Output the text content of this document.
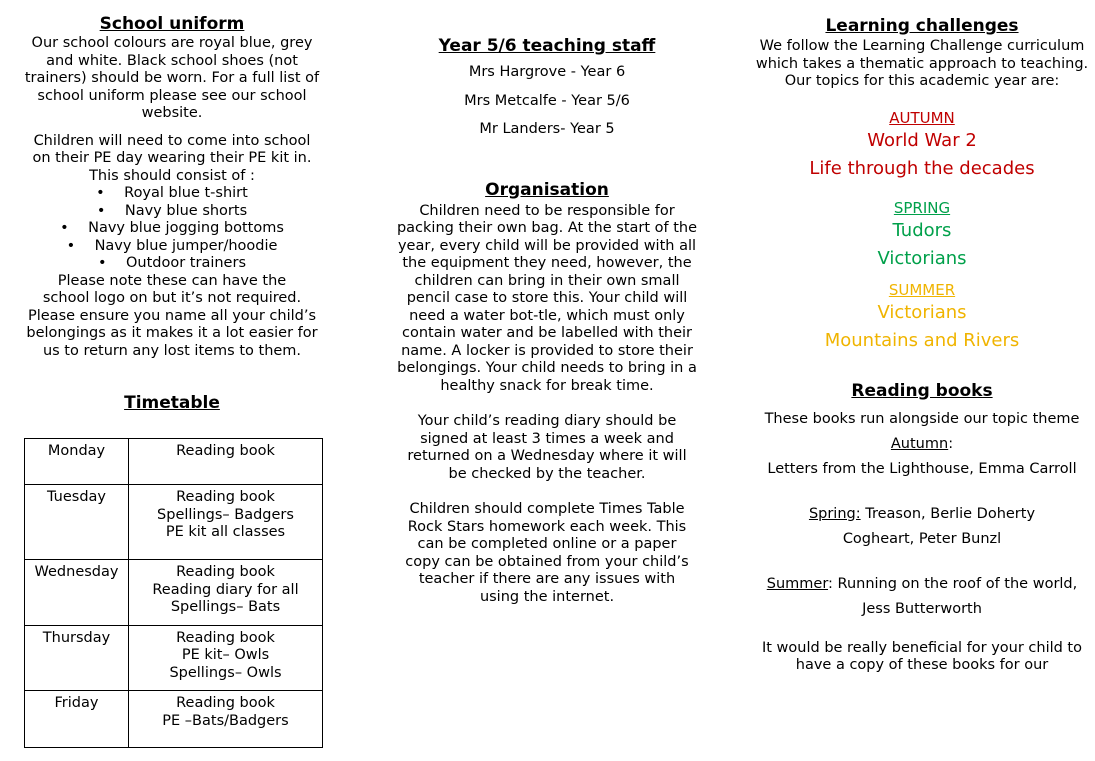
School uniform

Our school colours are royal blue, grey and white. Black school shoes (not trainers) should be worn. For a full list of school uniform please see our school website.

Children will need to come into school on their PE day wearing their PE kit in. This should consist of :

• Royal blue t-shirt
• Navy blue shorts
• Navy blue jogging bottoms
• Navy blue jumper/hoodie
• Outdoor trainers

Please note these can have the school logo on but it’s not required.

Please ensure you name all your child’s belongings as it makes it a lot easier for us to return any lost items to them.

Timetable
Monday	Reading book

Tuesday	Reading book
Spellings– Badgers
PE kit all classes

Wednesday	Reading book
Reading diary for all
Spellings– Bats

Thursday	Reading book
PE kit– Owls
Spellings– Owls

Friday	Reading book
PE –Bats/Badgers
Year 5/6 teaching staff

Mrs Hargrove - Year 6

Mrs Metcalfe - Year 5/6

Mr Landers- Year 5

Organisation

Children need to be responsible for packing their own bag. At the start of the year, every child will be provided with all the equipment they need, however, the children can bring in their own small pencil case to store this. Your child will need a water bot-tle, which must only contain water and be labelled with their name. A locker is provided to store their belongings. Your child needs to bring in a healthy snack for break time.

Your child’s reading diary should be signed at least 3 times a week and returned on a Wednesday where it will be checked by the teacher.

Children should complete Times Table Rock Stars homework each week. This can be completed online or a paper copy can be obtained from your child’s teacher if there are any issues with using the internet.

Learning challenges

We follow the Learning Challenge curriculum which takes a thematic approach to teaching. Our topics for this academic year are:

AUTUMN
World War 2
Life through the decades
SPRING
Tudors
Victorians
SUMMER
Victorians
Mountains and Rivers
Reading books

These books run alongside our topic theme

Autumn:

Letters from the Lighthouse, Emma Carroll

Spring: Treason, Berlie Doherty

Cogheart, Peter Bunzl

Summer: Running on the roof of the world,

Jess Butterworth

It would be really beneficial for your child to have a copy of these books for our
